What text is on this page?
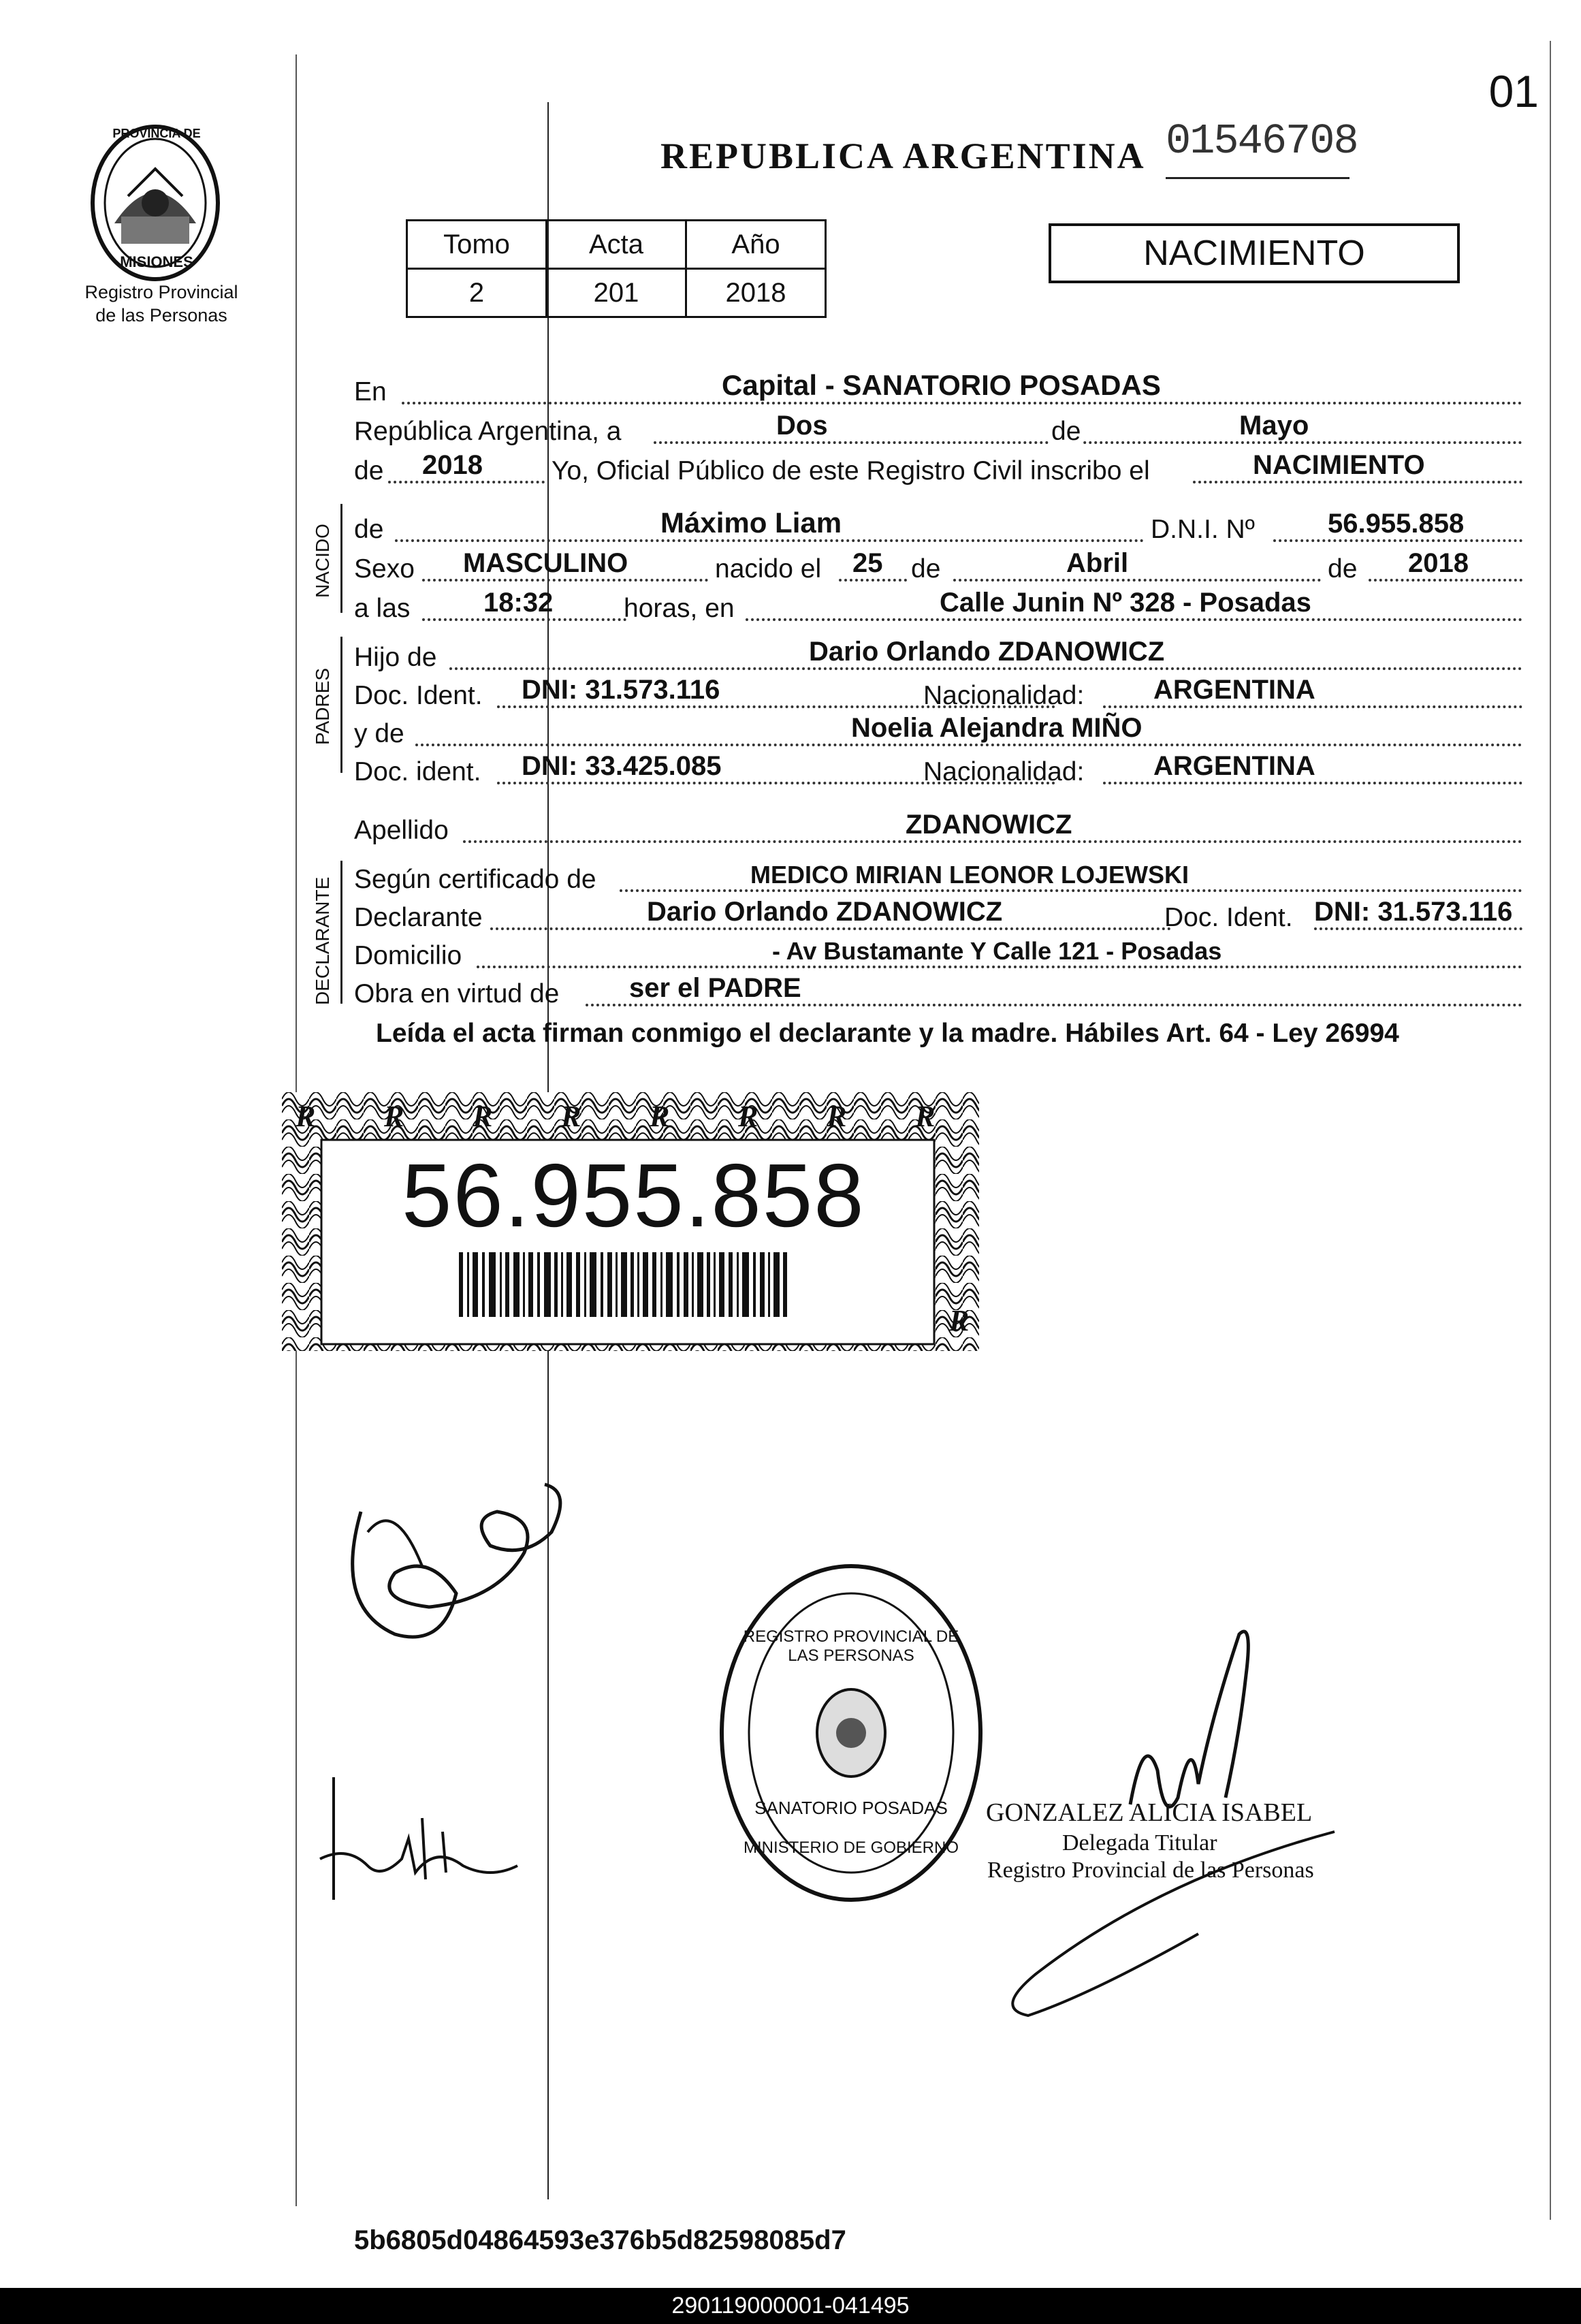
01
01546708
REPUBLICA ARGENTINA
PROVINCIA DE
MISIONES
Registro Provincial
de las Personas
Tomo	Acta	Año
2	201	2018
NACIMIENTO
En	Capital - SANATORIO POSADAS
República Argentina, a	Dos	de	Mayo
de 2018	Yo, Oficial Público de este Registro Civil inscribo el	NACIMIENTO
NACIDO de	Máximo Liam	D.N.I. Nº	56.955.858
Sexo MASCULINO	nacido el 25 de	Abril	de 2018
a las	18:32	horas, en	Calle Junin Nº 328 - Posadas
PADRES
Hijo de	Dario Orlando ZDANOWICZ
Doc. Ident. DNI: 31.573.116	Nacionalidad:	ARGENTINA
y de	Noelia Alejandra MIÑO
Doc. ident. DNI: 33.425.085	Nacionalidad:	ARGENTINA
Apellido	ZDANOWICZ
DECLARANTE Según certificado de	MEDICO MIRIAN LEONOR LOJEWSKI
Declarante	Dario Orlando ZDANOWICZ	Doc. Ident. DNI: 31.573.116
Domicilio	- Av Bustamante Y Calle 121 - Posadas
Obra en virtud de	ser el PADRE
Leída el acta firman conmigo el declarante y la madre. Hábiles Art. 64 - Ley 26994
R R R R R R R R
R
56.955.858
REGISTRO PROVINCIAL DE LAS PERSONAS
SANATORIO POSADAS
MINISTERIO DE GOBIERNO
GONZALEZ ALICIA ISABEL
Delegada Titular
Registro Provincial de las Personas
5b6805d04864593e376b5d82598085d7
290119000001-041495
